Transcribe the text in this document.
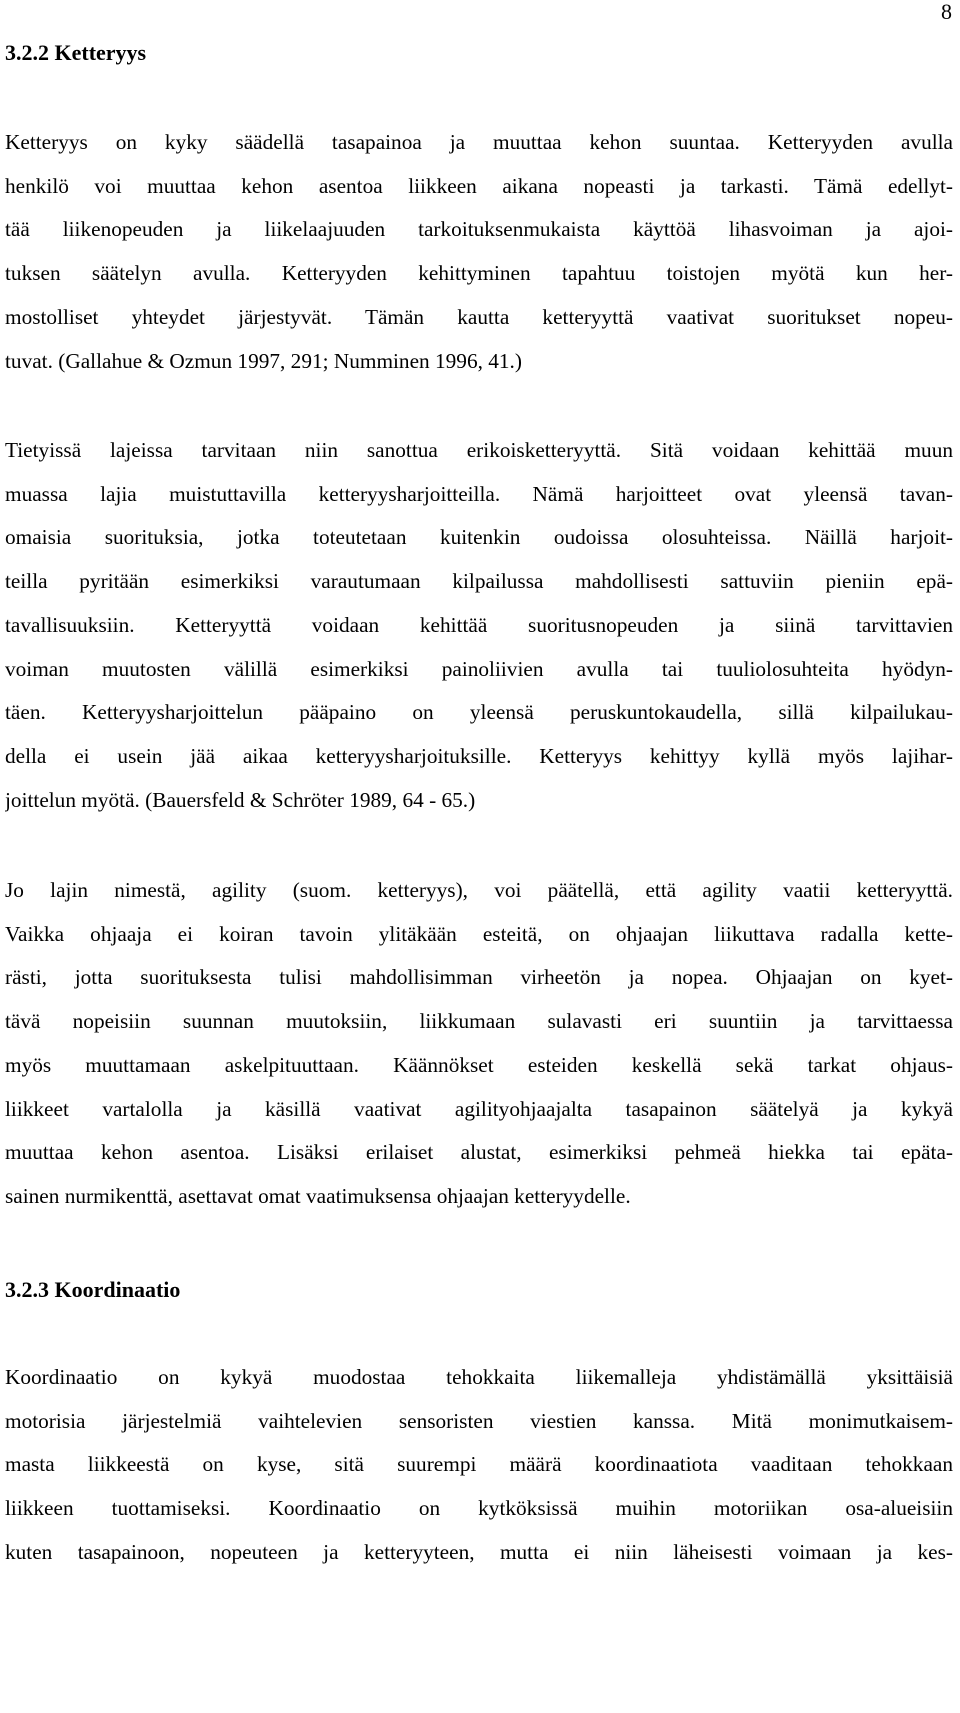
8
3.2.2 Ketteryys
Ketteryys on kyky säädellä tasapainoa ja muuttaa kehon suuntaa. Ketteryyden avulla
henkilö voi muuttaa kehon asentoa liikkeen aikana nopeasti ja tarkasti. Tämä edellyt-
tää liikenopeuden ja liikelaajuuden tarkoituksenmukaista käyttöä lihasvoiman ja ajoi-
tuksen säätelyn avulla. Ketteryyden kehittyminen tapahtuu toistojen myötä kun her-
mostolliset yhteydet järjestyvät. Tämän kautta ketteryyttä vaativat suoritukset nopeu-
tuvat. (Gallahue & Ozmun 1997, 291; Numminen 1996, 41.)
Tietyissä lajeissa tarvitaan niin sanottua erikoisketteryyttä. Sitä voidaan kehittää muun
muassa lajia muistuttavilla ketteryysharjoitteilla. Nämä harjoitteet ovat yleensä tavan-
omaisia suorituksia, jotka toteutetaan kuitenkin oudoissa olosuhteissa. Näillä harjoit-
teilla pyritään esimerkiksi varautumaan kilpailussa mahdollisesti sattuviin pieniin epä-
tavallisuuksiin. Ketteryyttä voidaan kehittää suoritusnopeuden ja siinä tarvittavien
voiman muutosten välillä esimerkiksi painoliivien avulla tai tuuliolosuhteita hyödyn-
täen. Ketteryysharjoittelun pääpaino on yleensä peruskuntokaudella, sillä kilpailukau-
della ei usein jää aikaa ketteryysharjoituksille. Ketteryys kehittyy kyllä myös lajihar-
joittelun myötä. (Bauersfeld & Schröter 1989, 64 - 65.)
Jo lajin nimestä, agility (suom. ketteryys), voi päätellä, että agility vaatii ketteryyttä.
Vaikka ohjaaja ei koiran tavoin ylitäkään esteitä, on ohjaajan liikuttava radalla kette-
rästi, jotta suorituksesta tulisi mahdollisimman virheetön ja nopea. Ohjaajan on kyet-
tävä nopeisiin suunnan muutoksiin, liikkumaan sulavasti eri suuntiin ja tarvittaessa
myös muuttamaan askelpituuttaan. Käännökset esteiden keskellä sekä tarkat ohjaus-
liikkeet vartalolla ja käsillä vaativat agilityohjaajalta tasapainon säätelyä ja kykyä
muuttaa kehon asentoa. Lisäksi erilaiset alustat, esimerkiksi pehmeä hiekka tai epäta-
sainen nurmikenttä, asettavat omat vaatimuksensa ohjaajan ketteryydelle.
3.2.3 Koordinaatio
Koordinaatio on kykyä muodostaa tehokkaita liikemalleja yhdistämällä yksittäisiä
motorisia järjestelmiä vaihtelevien sensoristen viestien kanssa. Mitä monimutkaisem-
masta liikkeestä on kyse, sitä suurempi määrä koordinaatiota vaaditaan tehokkaan
liikkeen tuottamiseksi. Koordinaatio on kytköksissä muihin motoriikan osa-alueisiin
kuten tasapainoon, nopeuteen ja ketteryyteen, mutta ei niin läheisesti voimaan ja kes-
